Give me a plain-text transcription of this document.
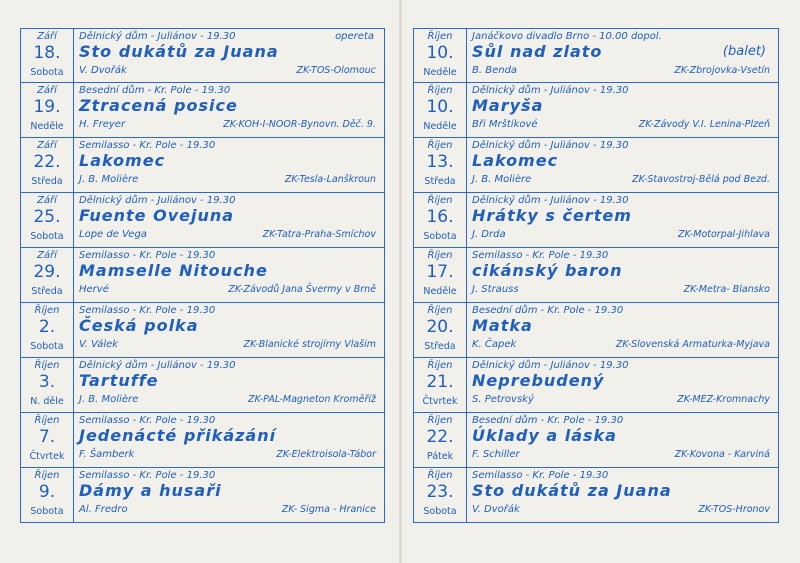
Září
18.
Sobota
Dělnický dům - Juliánov - 19.30	opereta
Sto dukátů za Juana
V. Dvořák	ZK-TOS-Olomouc
Září
19.
Neděle
Besední dům - Kr. Pole - 19.30
Ztracená posice
H. Freyer	ZK-KOH-I-NOOR-Bynovn. Děč. 9.
Září
22.
Středa
Semilasso - Kr. Pole - 19.30
Lakomec
J. B. Molière	ZK-Tesla-Lanškroun
Září
25.
Sobota
Dělnický dům - Juliánov - 19.30
Fuente Ovejuna
Lope de Vega	ZK-Tatra-Praha-Smíchov
Září
29.
Středa
Semilasso - Kr. Pole - 19.30
Mamselle Nitouche
Hervé	ZK-Závodů Jana Švermy v Brně
Říjen
2.
Sobota
Semilasso - Kr. Pole - 19.30
Česká polka
V. Válek	ZK-Blanické strojírny Vlašim
Říjen
3.
N. děle
Dělnický dům - Juliánov - 19.30
Tartuffe
J. B. Molière	ZK-PAL-Magneton Kroměříž
Říjen
7.
Čtvrtek
Semilasso - Kr. Pole - 19.30
Jedenácté přikázání
F. Šamberk	ZK-Elektroisola-Tábor
Říjen
9.
Sobota
Semilasso - Kr. Pole - 19.30
Dámy a husaři
Al. Fredro	ZK- Sigma - Hranice
Říjen
10.
Neděle
Janáčkovo divadlo Brno - 10.00 dopol.
Sůl nad zlato	(balet)
B. Benda	ZK-Zbrojovka-Vsetín
Říjen
10.
Neděle
Dělnický dům - Juliánov - 19.30
Maryša
Bři Mrštíkové	ZK-Závody V.I. Lenina-Plzeň
Říjen
13.
Středa
Dělnický dům - Juliánov - 19.30
Lakomec
J. B. Molière	ZK-Stavostroj-Bělá pod Bezd.
Říjen
16.
Sobota
Dělnický dům - Juliánov - 19.30
Hrátky s čertem
J. Drda	ZK-Motorpal-Jihlava
Říjen
17.
Neděle
Semilasso - Kr. Pole - 19.30
cikánský baron
J. Strauss	ZK-Metra- Blansko
Říjen
20.
Středa
Besední dům - Kr. Pole - 19.30
Matka
K. Čapek	ZK-Slovenská Armaturka-Myjava
Říjen
21.
Čtvrtek
Dělnický dům - Juliánov - 19.30
Neprebudený
S. Petrovský	ZK-MEZ-Kromnachy
Říjen
22.
Pátek
Besední dům - Kr. Pole - 19.30
Úklady a láska
F. Schiller	ZK-Kovona - Karviná
Říjen
23.
Sobota
Semilasso - Kr. Pole - 19.30
Sto dukátů za Juana
V. Dvořák	ZK-TOS-Hronov
